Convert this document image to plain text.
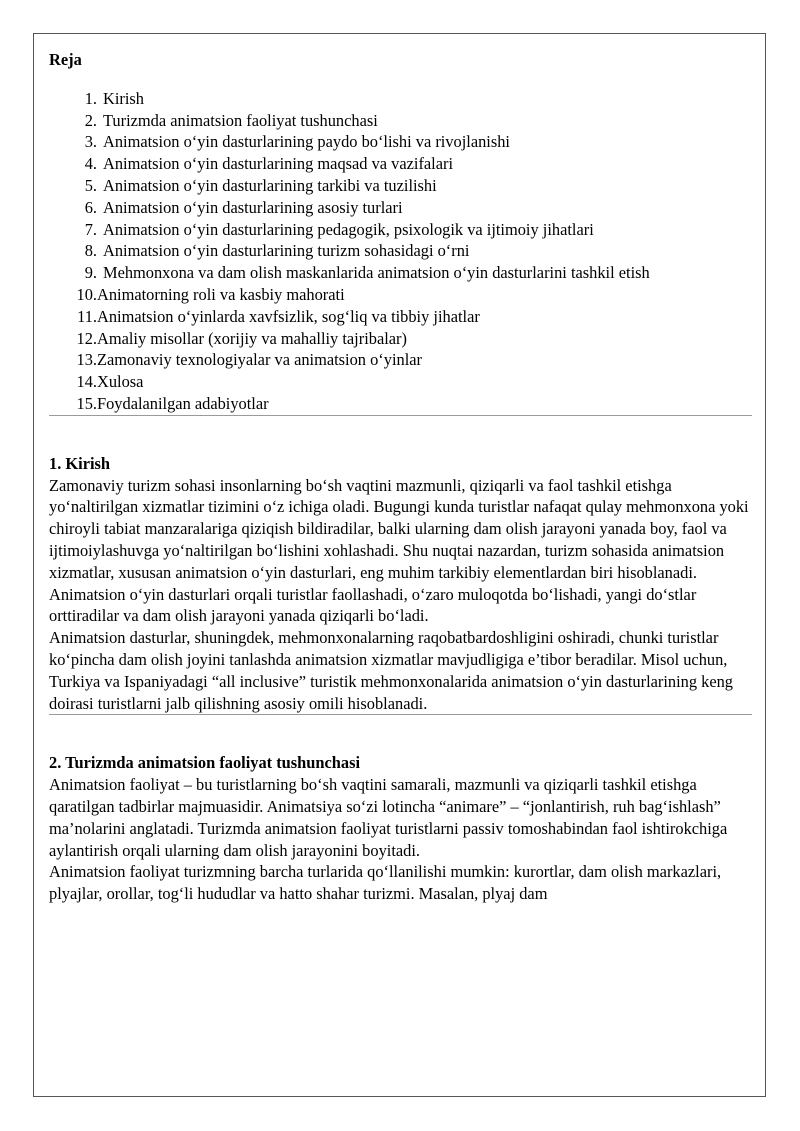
Reja

1. Kirish
2. Turizmda animatsion faoliyat tushunchasi
3. Animatsion o‘yin dasturlarining paydo bo‘lishi va rivojlanishi
4. Animatsion o‘yin dasturlarining maqsad va vazifalari
5. Animatsion o‘yin dasturlarining tarkibi va tuzilishi
6. Animatsion o‘yin dasturlarining asosiy turlari
7. Animatsion o‘yin dasturlarining pedagogik, psixologik va ijtimoiy jihatlari
8. Animatsion o‘yin dasturlarining turizm sohasidagi o‘rni
9. Mehmonxona va dam olish maskanlarida animatsion o‘yin dasturlarini tashkil etish
10. Animatorning roli va kasbiy mahorati
11. Animatsion o‘yinlarda xavfsizlik, sog‘liq va tibbiy jihatlar
12. Amaliy misollar (xorijiy va mahalliy tajribalar)
13. Zamonaviy texnologiyalar va animatsion o‘yinlar
14. Xulosa
15. Foydalanilgan adabiyotlar

1. Kirish

Zamonaviy turizm sohasi insonlarning bo‘sh vaqtini mazmunli, qiziqarli va faol tashkil etishga yo‘naltirilgan xizmatlar tizimini o‘z ichiga oladi. Bugungi kunda turistlar nafaqat qulay mehmonxona yoki chiroyli tabiat manzaralariga qiziqish bildiradilar, balki ularning dam olish jarayoni yanada boy, faol va ijtimoiylashuvga yo‘naltirilgan bo‘lishini xohlashadi. Shu nuqtai nazardan, turizm sohasida animatsion xizmatlar, xususan animatsion o‘yin dasturlari, eng muhim tarkibiy elementlardan biri hisoblanadi. Animatsion o‘yin dasturlari orqali turistlar faollashadi, o‘zaro muloqotda bo‘lishadi, yangi do‘stlar orttiradilar va dam olish jarayoni yanada qiziqarli bo‘ladi.

Animatsion dasturlar, shuningdek, mehmonxonalarning raqobatbardoshligini oshiradi, chunki turistlar ko‘pincha dam olish joyini tanlashda animatsion xizmatlar mavjudligiga e’tibor beradilar. Misol uchun, Turkiya va Ispaniyadagi “all inclusive” turistik mehmonxonalarida animatsion o‘yin dasturlarining keng doirasi turistlarni jalb qilishning asosiy omili hisoblanadi.

2. Turizmda animatsion faoliyat tushunchasi

Animatsion faoliyat – bu turistlarning bo‘sh vaqtini samarali, mazmunli va qiziqarli tashkil etishga qaratilgan tadbirlar majmuasidir. Animatsiya so‘zi lotincha “animare” – “jonlantirish, ruh bag‘ishlash” ma’nolarini anglatadi. Turizmda animatsion faoliyat turistlarni passiv tomoshabindan faol ishtirokchiga aylantirish orqali ularning dam olish jarayonini boyitadi.

Animatsion faoliyat turizmning barcha turlarida qo‘llanilishi mumkin: kurortlar, dam olish markazlari, plyajlar, orollar, tog‘li hududlar va hatto shahar turizmi. Masalan, plyaj dam
